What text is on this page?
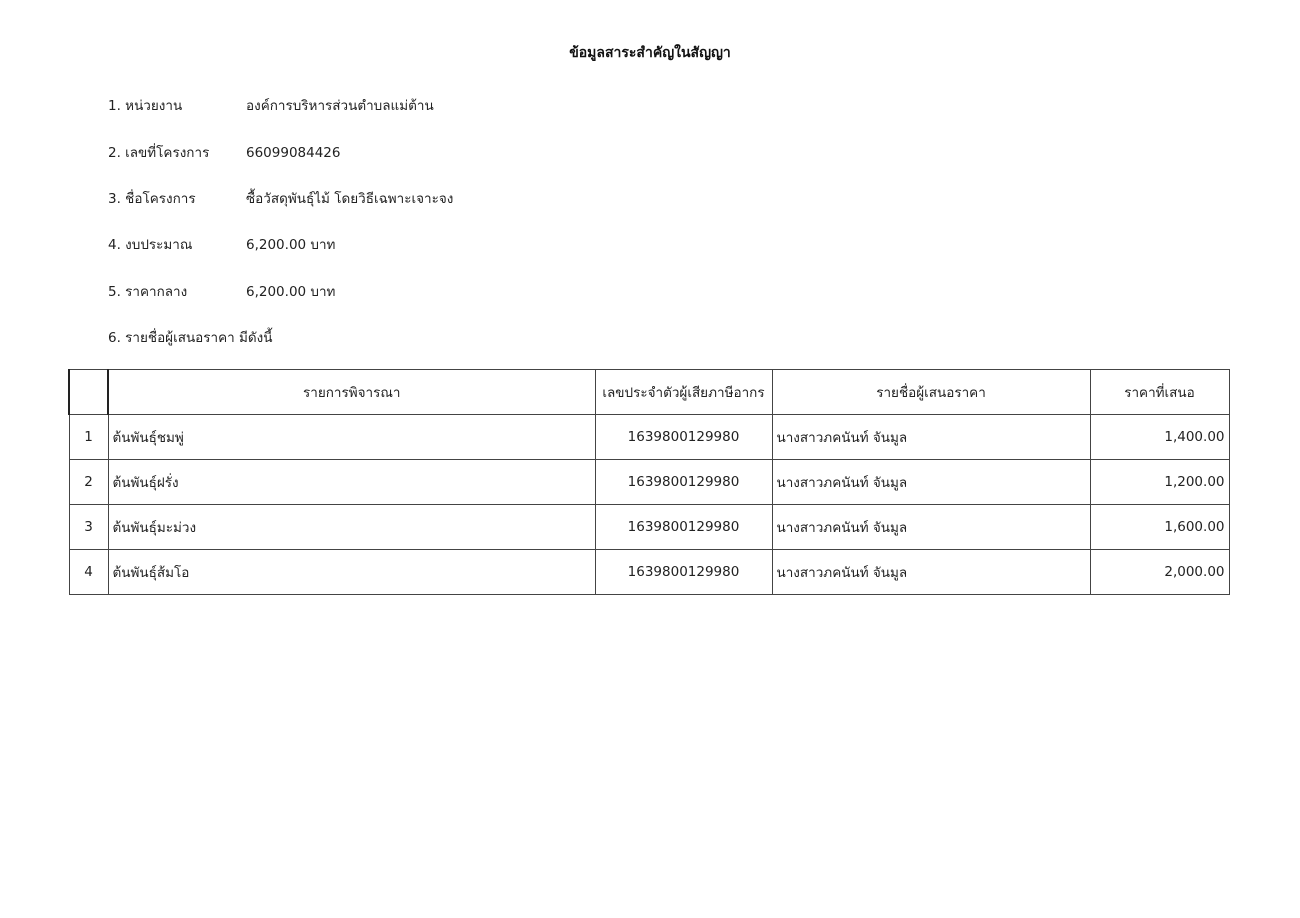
ข้อมูลสาระสำคัญในสัญญา
1. หน่วยงาน	องค์การบริหารส่วนตำบลแม่ต้าน
2. เลขที่โครงการ	66099084426
3. ชื่อโครงการ	ซื้อวัสดุพันธุ์ไม้ โดยวิธีเฉพาะเจาะจง
4. งบประมาณ	6,200.00 บาท
5. ราคากลาง	6,200.00 บาท
6. รายชื่อผู้เสนอราคา มีดังนี้
	รายการพิจารณา	เลขประจำตัวผู้เสียภาษีอากร	รายชื่อผู้เสนอราคา	ราคาที่เสนอ
1	ต้นพันธุ์ชมพู่	1639800129980	นางสาวภคนันท์ จันมูล	1,400.00
2	ต้นพันธุ์ฝรั่ง	1639800129980	นางสาวภคนันท์ จันมูล	1,200.00
3	ต้นพันธุ์มะม่วง	1639800129980	นางสาวภคนันท์ จันมูล	1,600.00
4	ต้นพันธุ์ส้มโอ	1639800129980	นางสาวภคนันท์ จันมูล	2,000.00
